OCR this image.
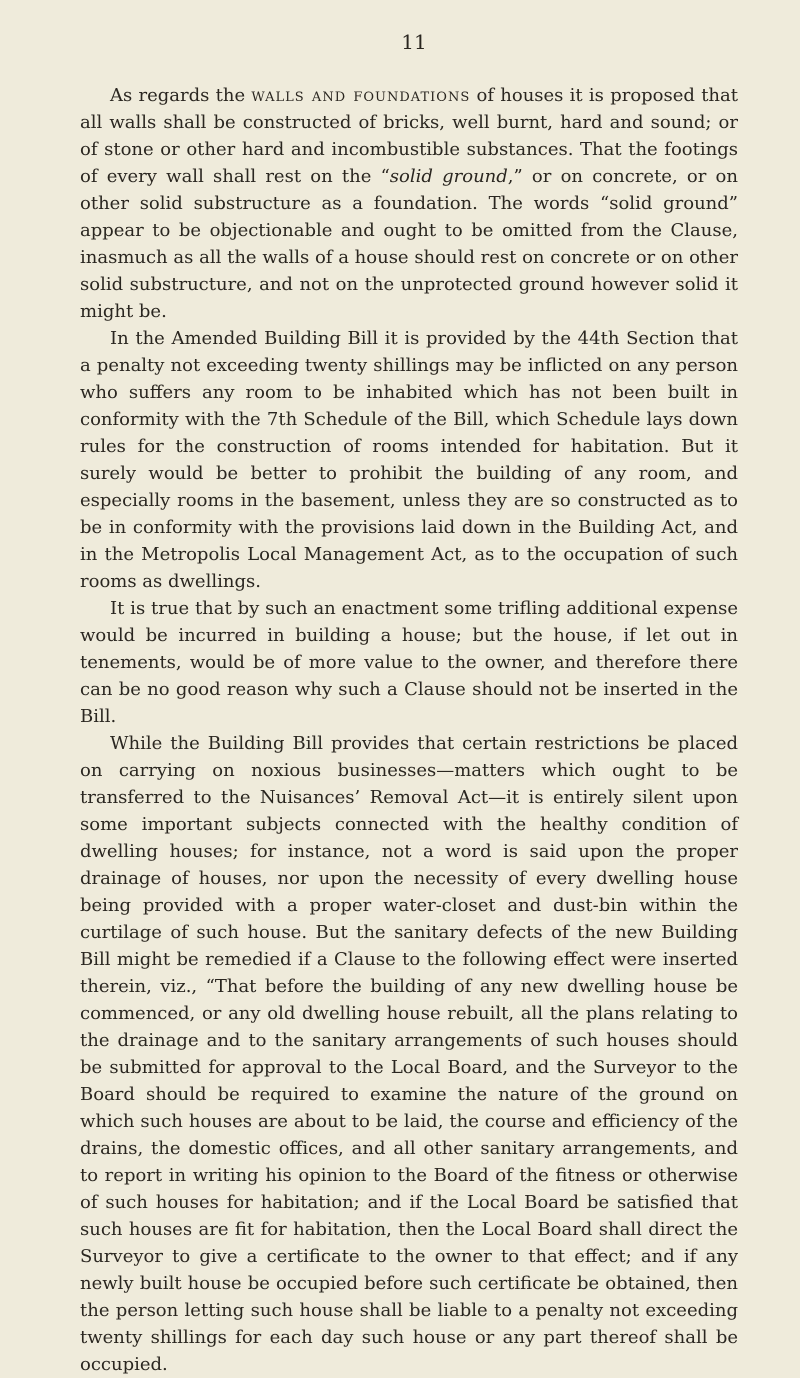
11

As regards the walls and foundations of houses it is proposed that all walls shall be constructed of bricks, well burnt, hard and sound; or of stone or other hard and incombustible substances. That the footings of every wall shall rest on the “solid ground,” or on concrete, or on other solid substructure as a foundation. The words “solid ground” appear to be objectionable and ought to be omitted from the Clause, inasmuch as all the walls of a house should rest on concrete or on other solid substructure, and not on the unprotected ground however solid it might be.

In the Amended Building Bill it is provided by the 44th Section that a penalty not exceeding twenty shillings may be inflicted on any person who suffers any room to be inhabited which has not been built in conformity with the 7th Schedule of the Bill, which Schedule lays down rules for the construction of rooms intended for habitation. But it surely would be better to prohibit the building of any room, and especially rooms in the basement, unless they are so constructed as to be in conformity with the provisions laid down in the Building Act, and in the Metropolis Local Management Act, as to the occupation of such rooms as dwellings.

It is true that by such an enactment some trifling additional expense would be incurred in building a house; but the house, if let out in tenements, would be of more value to the owner, and therefore there can be no good reason why such a Clause should not be inserted in the Bill.

While the Building Bill provides that certain restrictions be placed on carrying on noxious businesses—matters which ought to be transferred to the Nuisances’ Removal Act—it is entirely silent upon some important subjects connected with the healthy condition of dwelling houses; for instance, not a word is said upon the proper drainage of houses, nor upon the necessity of every dwelling house being provided with a proper water-closet and dust-bin within the curtilage of such house. But the sanitary defects of the new Building Bill might be remedied if a Clause to the following effect were inserted therein, viz., “That before the building of any new dwelling house be commenced, or any old dwelling house rebuilt, all the plans relating to the drainage and to the sanitary arrangements of such houses should be submitted for approval to the Local Board, and the Surveyor to the Board should be required to examine the nature of the ground on which such houses are about to be laid, the course and efficiency of the drains, the domestic offices, and all other sanitary arrangements, and to report in writing his opinion to the Board of the fitness or otherwise of such houses for habitation; and if the Local Board be satisfied that such houses are fit for habitation, then the Local Board shall direct the Surveyor to give a certificate to the owner to that effect; and if any newly built house be occupied before such certificate be obtained, then the person letting such house shall be liable to a penalty not exceeding twenty shillings for each day such house or any part thereof shall be occupied.
